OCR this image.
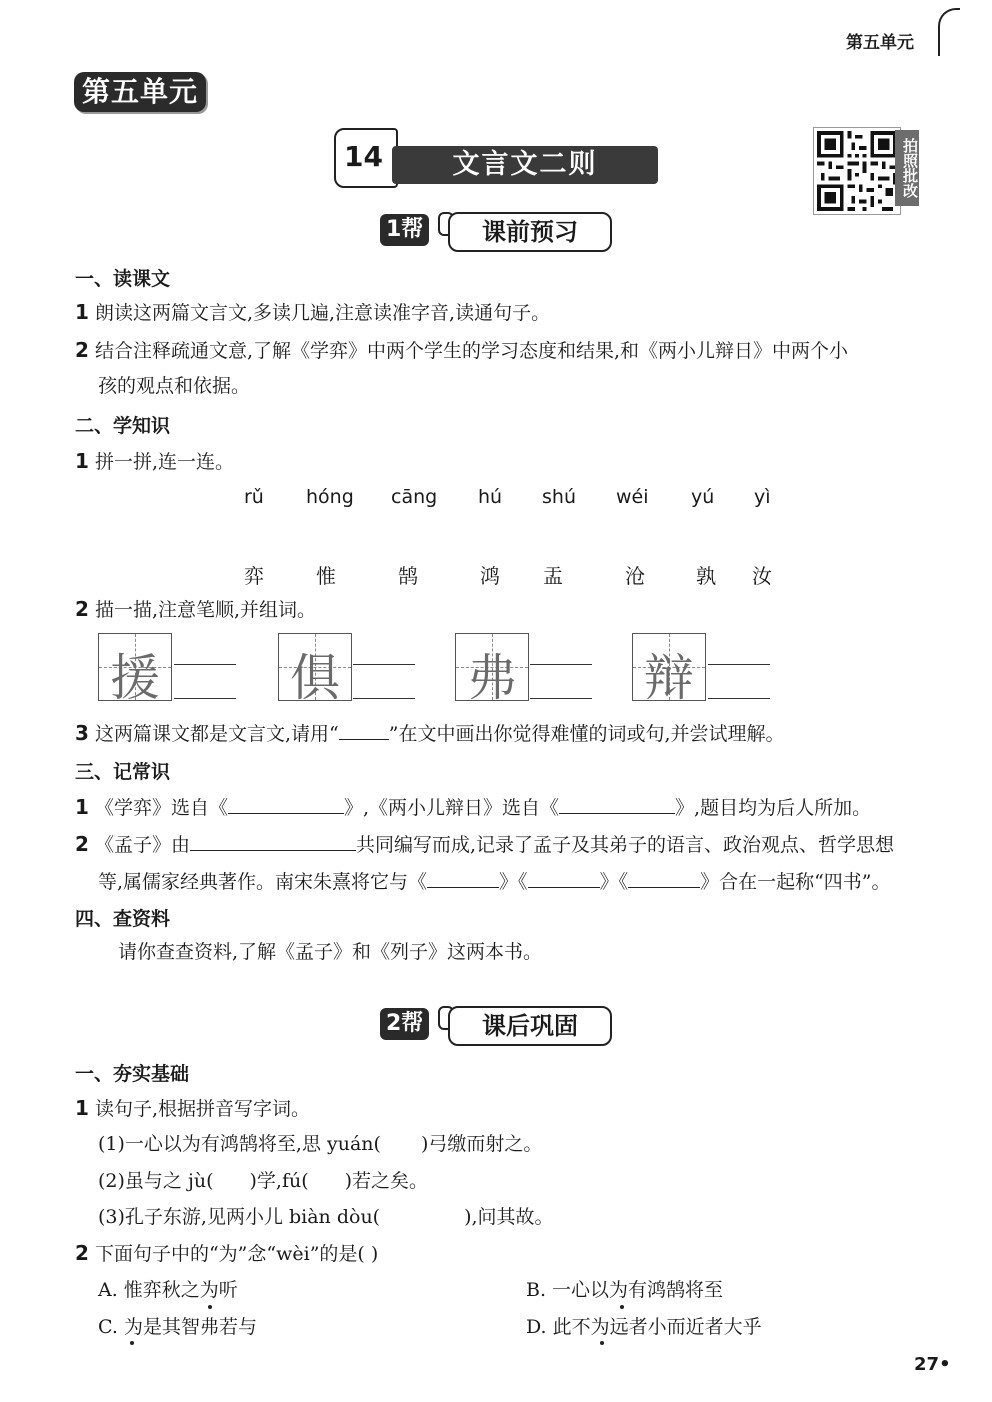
第五单元
第五单元
14	文言文二则	拍照批改
1帮	课前预习
一、读课文
1 朗读这两篇文言文,多读几遍,注意读准字音,读通句子。
2 结合注释疏通文意,了解《学弈》中两个学生的学习态度和结果,和《两小儿辩日》中两个小
孩的观点和依据。
二、学知识
1 拼一拼,连一连。
rǔ hóng cāng hú shú wéi yú yì
弈	惟	鹄	鸿 盂	沧	孰 汝
2 描一描,注意笔顺,并组词。
援	俱	弗	辩
3 这两篇课文都是文言文,请用“	”在文中画出你觉得难懂的词或句,并尝试理解。
三、记常识
1 《学弈》选自《	》,《两小儿辩日》选自《	》,题目均为后人所加。
2 《孟子》由	共同编写而成,记录了孟子及其弟子的语言、政治观点、哲学思想
等,属儒家经典著作。南宋朱熹将它与《	》《	》《	》合在一起称“四书”。
四、查资料
请你查查资料,了解《孟子》和《列子》这两本书。
2帮	课后巩固
一、夯实基础
1 读句子,根据拼音写字词。
(1)一心以为有鸿鹄将至,思 yuán( )弓缴而射之。
(2)虽与之 jù( )学,fú( )若之矣。
(3)孔子东游,见两小儿 biàn dòu(	),问其故。
2 下面句子中的“为”念“wèi”的是( )
A. 惟弈秋之为听	B. 一心以为有鸿鹄将至
C. 为是其智弗若与	D. 此不为远者小而近者大乎
27•
